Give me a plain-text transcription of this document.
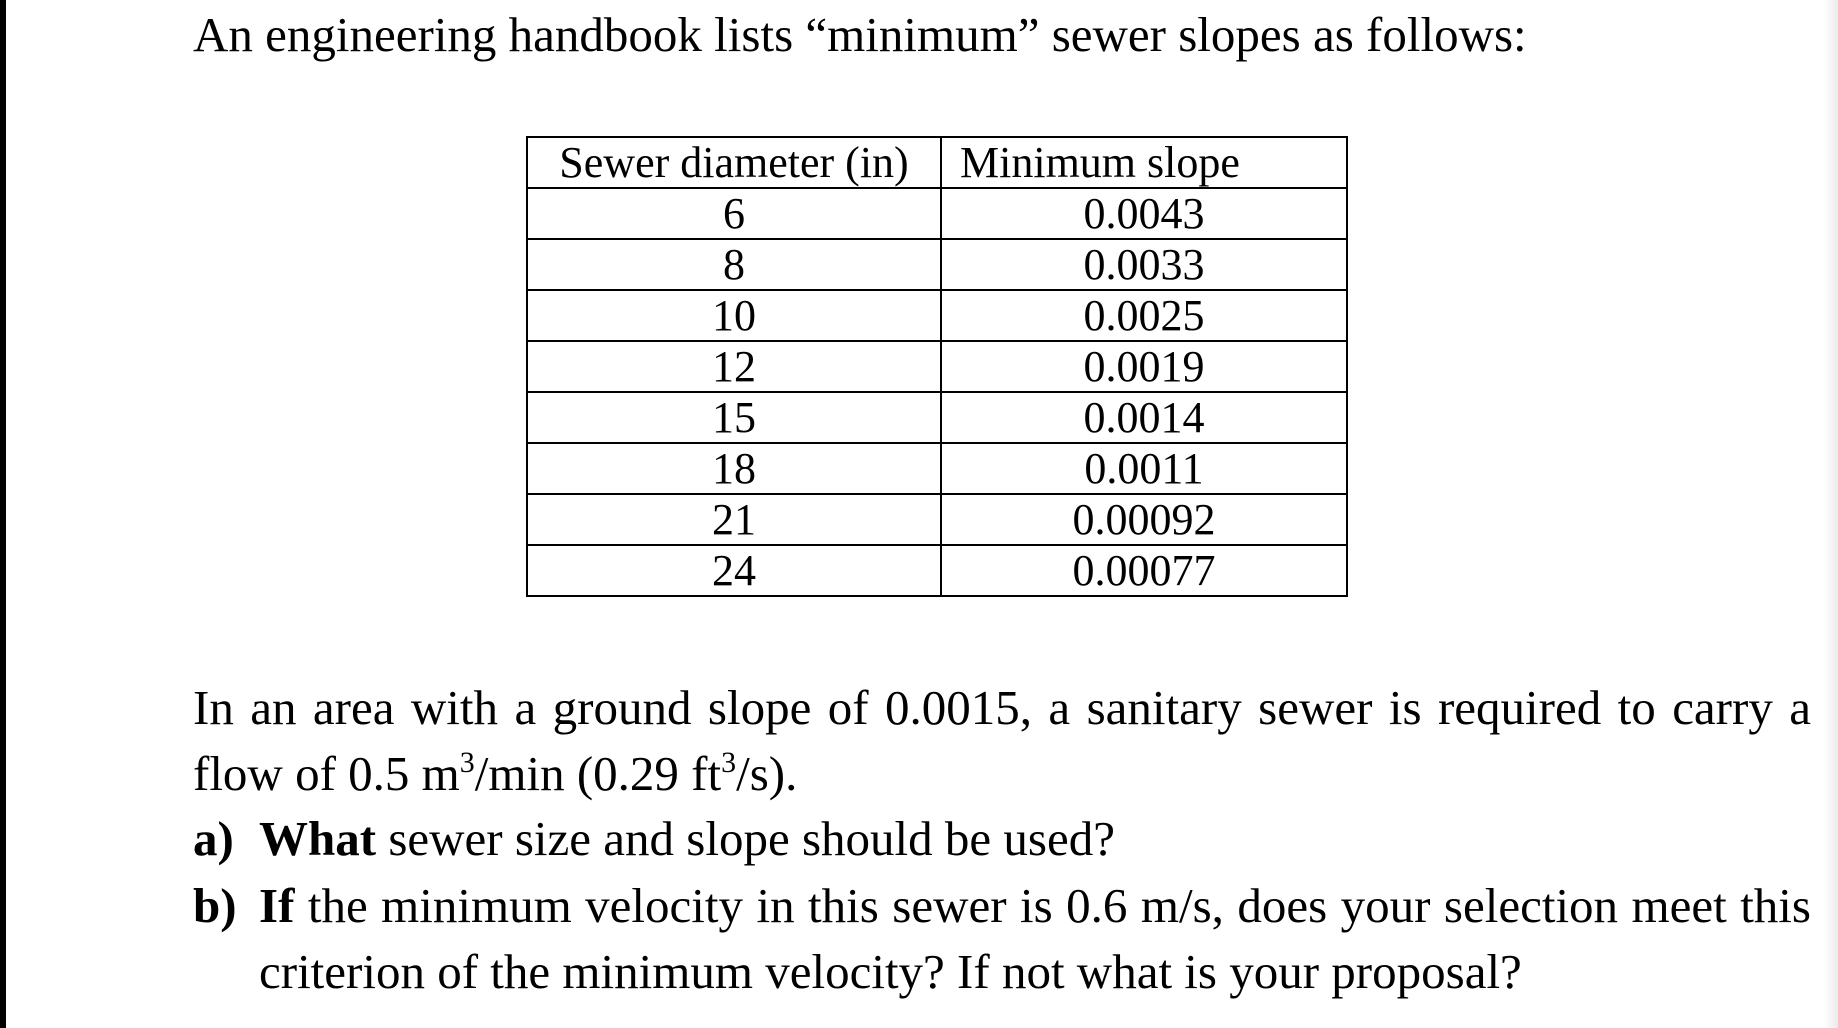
An engineering handbook lists “minimum” sewer slopes as follows:
Sewer diameter (in)	Minimum slope
6	0.0043
8	0.0033
10	0.0025
12	0.0019
15	0.0014
18	0.0011
21	0.00092
24	0.00077
In an area with a ground slope of 0.0015, a sanitary sewer is required to carry a flow of 0.5 $m^3/\min$ (0.29 $ft^3/s$).
a) What sewer size and slope should be used?
b) If the minimum velocity in this sewer is 0.6 m/s, does your selection meet this criterion of the minimum velocity? If not what is your proposal?
